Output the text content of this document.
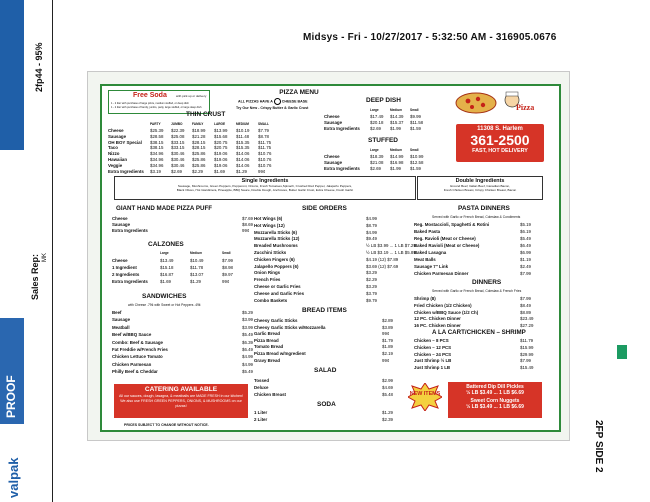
2fp44 - 95%
Sales Rep: MK
PROOF
valpak
Midsys - Fri - 10/27/2017 - 5:32:50 AM - 316905.0676
2FP SIDE 2
Free Soda	with pick up or delivery
1 - 2 liter with purchase of large pizza, medium stuffed, or deep dish
1 - 2 liter with purchase of family, jumbo, party, large stuffed, or large deep dish
PIZZA MENU
ALL PIZZAS HAVE A  CHEESE BASE
Try Our New - Crispy Butter & Garlic Crust
THIN CRUST
DEEP DISH
STUFFED
Pizza
11308 S. Harlem
361-2500
FAST, HOT DELIVERY
Single Ingredients
Sausage, Mushrooms, Green Peppers, Pepperoni, Onions, Fresh Tomatoes,Spinach, Crushed Red Pepper, Jalapeño Peppers,
Black Olives, Hot Giardiniera, Pineapple, BBQ Sauce, Double Dough, Anchovies, Butter Garlic Crust, Extra Cheese, Fresh Garlic
Double Ingredients
Ground Beef, Italian Beef, Canadian Bacon,
Fresh Chicken Breast, Crispy Chicken Breast, Bacon
GIANT HAND MADE PIZZA PUFF
CALZONES
SANDWICHES
with Cheese .79¢ with Sweet or Hot Peppers .49¢
CATERING AVAILABLE
All our sauces, dough, lasagna, & meatballs are MADE FRESH in our kitchen! We also use FRESH GREEN PEPPERS, ONIONS, & MUSHROOMS on our pizzas!
PRICES SUBJECT TO CHANGE WITHOUT NOTICE.
SIDE ORDERS
BREAD ITEMS
SALAD
SODA
PASTA DINNERS
Served with Garlic or French Bread, Coleslaw & Condiments
DINNERS
Served with Garlic or French Bread, Coleslaw & French Fries
A LA CART/CHICKEN – SHRIMP
NEW ITEMS
Battered Dip Dill Pickles
½ LB $3.49 ... 1 LB $6.69
Sweet Corn Nuggets
½ LB $3.49 ... 1 LB $6.69
PARTY	JUMBO	FAMILY	LARGE	MEDIUM	SMALL
Cheese	$25.39 $22.39 $18.99 $13.99 $10.19 $7.79
Sausage	$28.58 $25.08 $21.28 $15.68 $11.48 $8.78
OH BOY Special $38.15 $33.15 $28.15 $20.75 $15.35 $11.75
Taco	$38.15 $33.15 $28.15 $20.75 $15.35 $11.75
Nizzo	$34.96 $30.46 $25.86 $19.06 $14.06 $10.76
Hawaiian	$34.96 $30.46 $25.86 $19.06 $14.06 $10.76
Veggie	$34.96 $30.46 $25.86 $19.06 $14.06 $10.76
Extra Ingredients $3.19 $2.69 $2.29	$1.69	$1.29	99¢
Large	Medium Small
Cheese	$17.49 $14.39 $9.99
Sausage	$20.18 $15.37 $11.58
Extra Ingredients $2.69 $1.99 $1.59
Large	Medium Small
Cheese	$18.39 $14.99 $10.99
Sausage	$21.08 $16.98 $12.58
Extra Ingredients $2.69 $1.99 $1.59
Cheese	$7.69
Sausage	$8.69
Extra Ingredients	99¢
Large	Medium	Small
Cheese	$13.49	$10.49	$7.99
1 Ingredient	$15.18	$11.78	$8.98
2 Ingredients	$16.87	$13.07	$9.97
Extra Ingredients	$1.69	$1.29	99¢
Beef	$5.29
Sausage	$3.99
Meatball	$3.99
Beef w/BBQ Sauce	$5.49
Combo: Beef & Sausage	$6.39
Fat Freddie w/French Fries	$6.49
Chicken Lettuce Tomato	$4.99
Chicken Parmesan	$4.99
Philly Beef & Cheddar	$5.49
Hot Wings (6)	$4.99
Hot Wings (12)	$8.79
Mozzarella Sticks (6)	$4.99
Mozzarella Sticks (12)	$9.49
Breaded Mushrooms	½ LB $3.99 ... 1 LB $7.29
Zucchini Sticks	½ LB $3.19 ... 1 LB $5.89
Chicken Fingers (6)	$4.19 (12) $7.89
Jalapeño Poppers (6)	$3.69 (12) $7.69
Onion Rings	$3.29
French Fries	$2.29
Cheese or Garlic Fries	$3.29
Cheese and Garlic Fries	$3.79
Combo Baskets	$9.79
Cheesy Garlic Sticks	$2.89
Cheesy Garlic Sticks w/Mozzarella	$3.89
Garlic Bread	99¢
Pizza Bread	$1.79
Tomato Bread	$1.89
Pizza Bread w/Ingredient	$2.19
Gravy Bread	99¢
Tossed	$2.99
Deluxe	$4.69
Chicken Breast	$5.48
1 Liter	$1.29
2 Liter	$2.39
Reg. Mostaccioli, Spaghetti & Rotini	$5.19
Baked Pasta	$6.19
Reg. Ravioli (Meat or Cheese)	$5.49
Baked Ravioli (Meat or Cheese)	$6.49
Baked Lasagna	$6.99
Meat Balls	$1.19
Sausage 7" Link	$2.49
Chicken Parmesan Dinner	$7.99
Shrimp (8)	$7.99
Fried Chicken (1/2 Chicken)	$8.49
Chicken w/BBQ Sauce (1/2 Ch)	$8.89
12 PC. Chicken Dinner	$23.49
16 PC. Chicken Dinner	$27.29
Chicken – 8 PCS	$11.79
Chicken – 12 PCS	$15.99
Chicken – 24 PCS	$29.99
Just Shrimp ½ LB	$7.99
Just Shrimp 1 LB	$15.49
